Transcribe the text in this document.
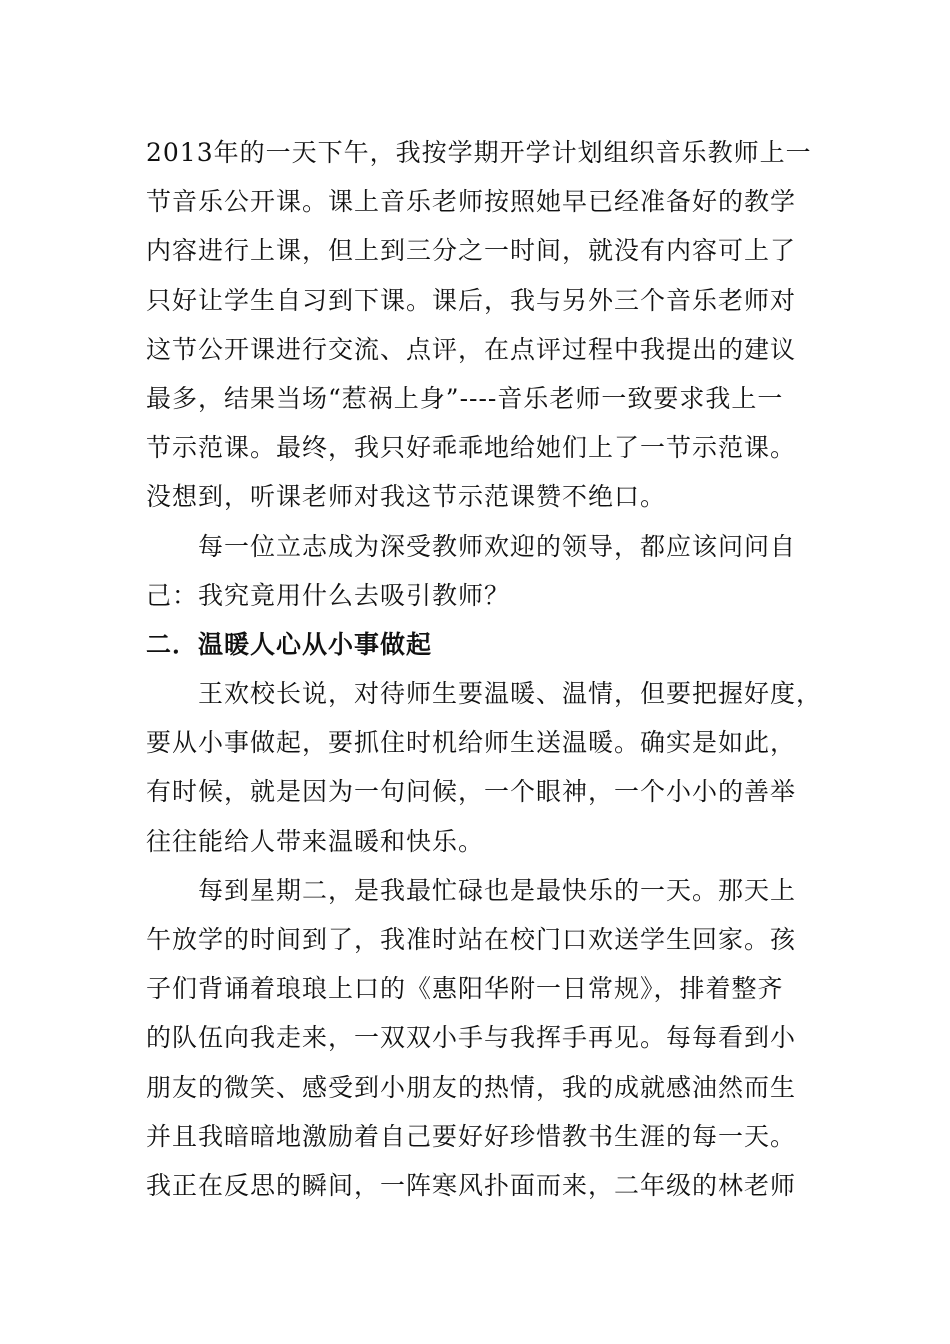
2013年的一天下午，我按学期开学计划组织音乐教师上一
节音乐公开课。课上音乐老师按照她早已经准备好的教学
内容进行上课，但上到三分之一时间，就没有内容可上了
只好让学生自习到下课。课后，我与另外三个音乐老师对
这节公开课进行交流、点评，在点评过程中我提出的建议
最多，结果当场“惹祸上身”----音乐老师一致要求我上一
节示范课。最终，我只好乖乖地给她们上了一节示范课。
没想到，听课老师对我这节示范课赞不绝口。
　　每一位立志成为深受教师欢迎的领导，都应该问问自
己：我究竟用什么去吸引教师？
二．温暖人心从小事做起
　　王欢校长说，对待师生要温暖、温情，但要把握好度，
要从小事做起，要抓住时机给师生送温暖。确实是如此，
有时候，就是因为一句问候，一个眼神，一个小小的善举
往往能给人带来温暖和快乐。
　　每到星期二，是我最忙碌也是最快乐的一天。那天上
午放学的时间到了，我准时站在校门口欢送学生回家。孩
子们背诵着琅琅上口的《惠阳华附一日常规》，排着整齐
的队伍向我走来，一双双小手与我挥手再见。每每看到小
朋友的微笑、感受到小朋友的热情，我的成就感油然而生
并且我暗暗地激励着自己要好好珍惜教书生涯的每一天。
我正在反思的瞬间，一阵寒风扑面而来，二年级的林老师
